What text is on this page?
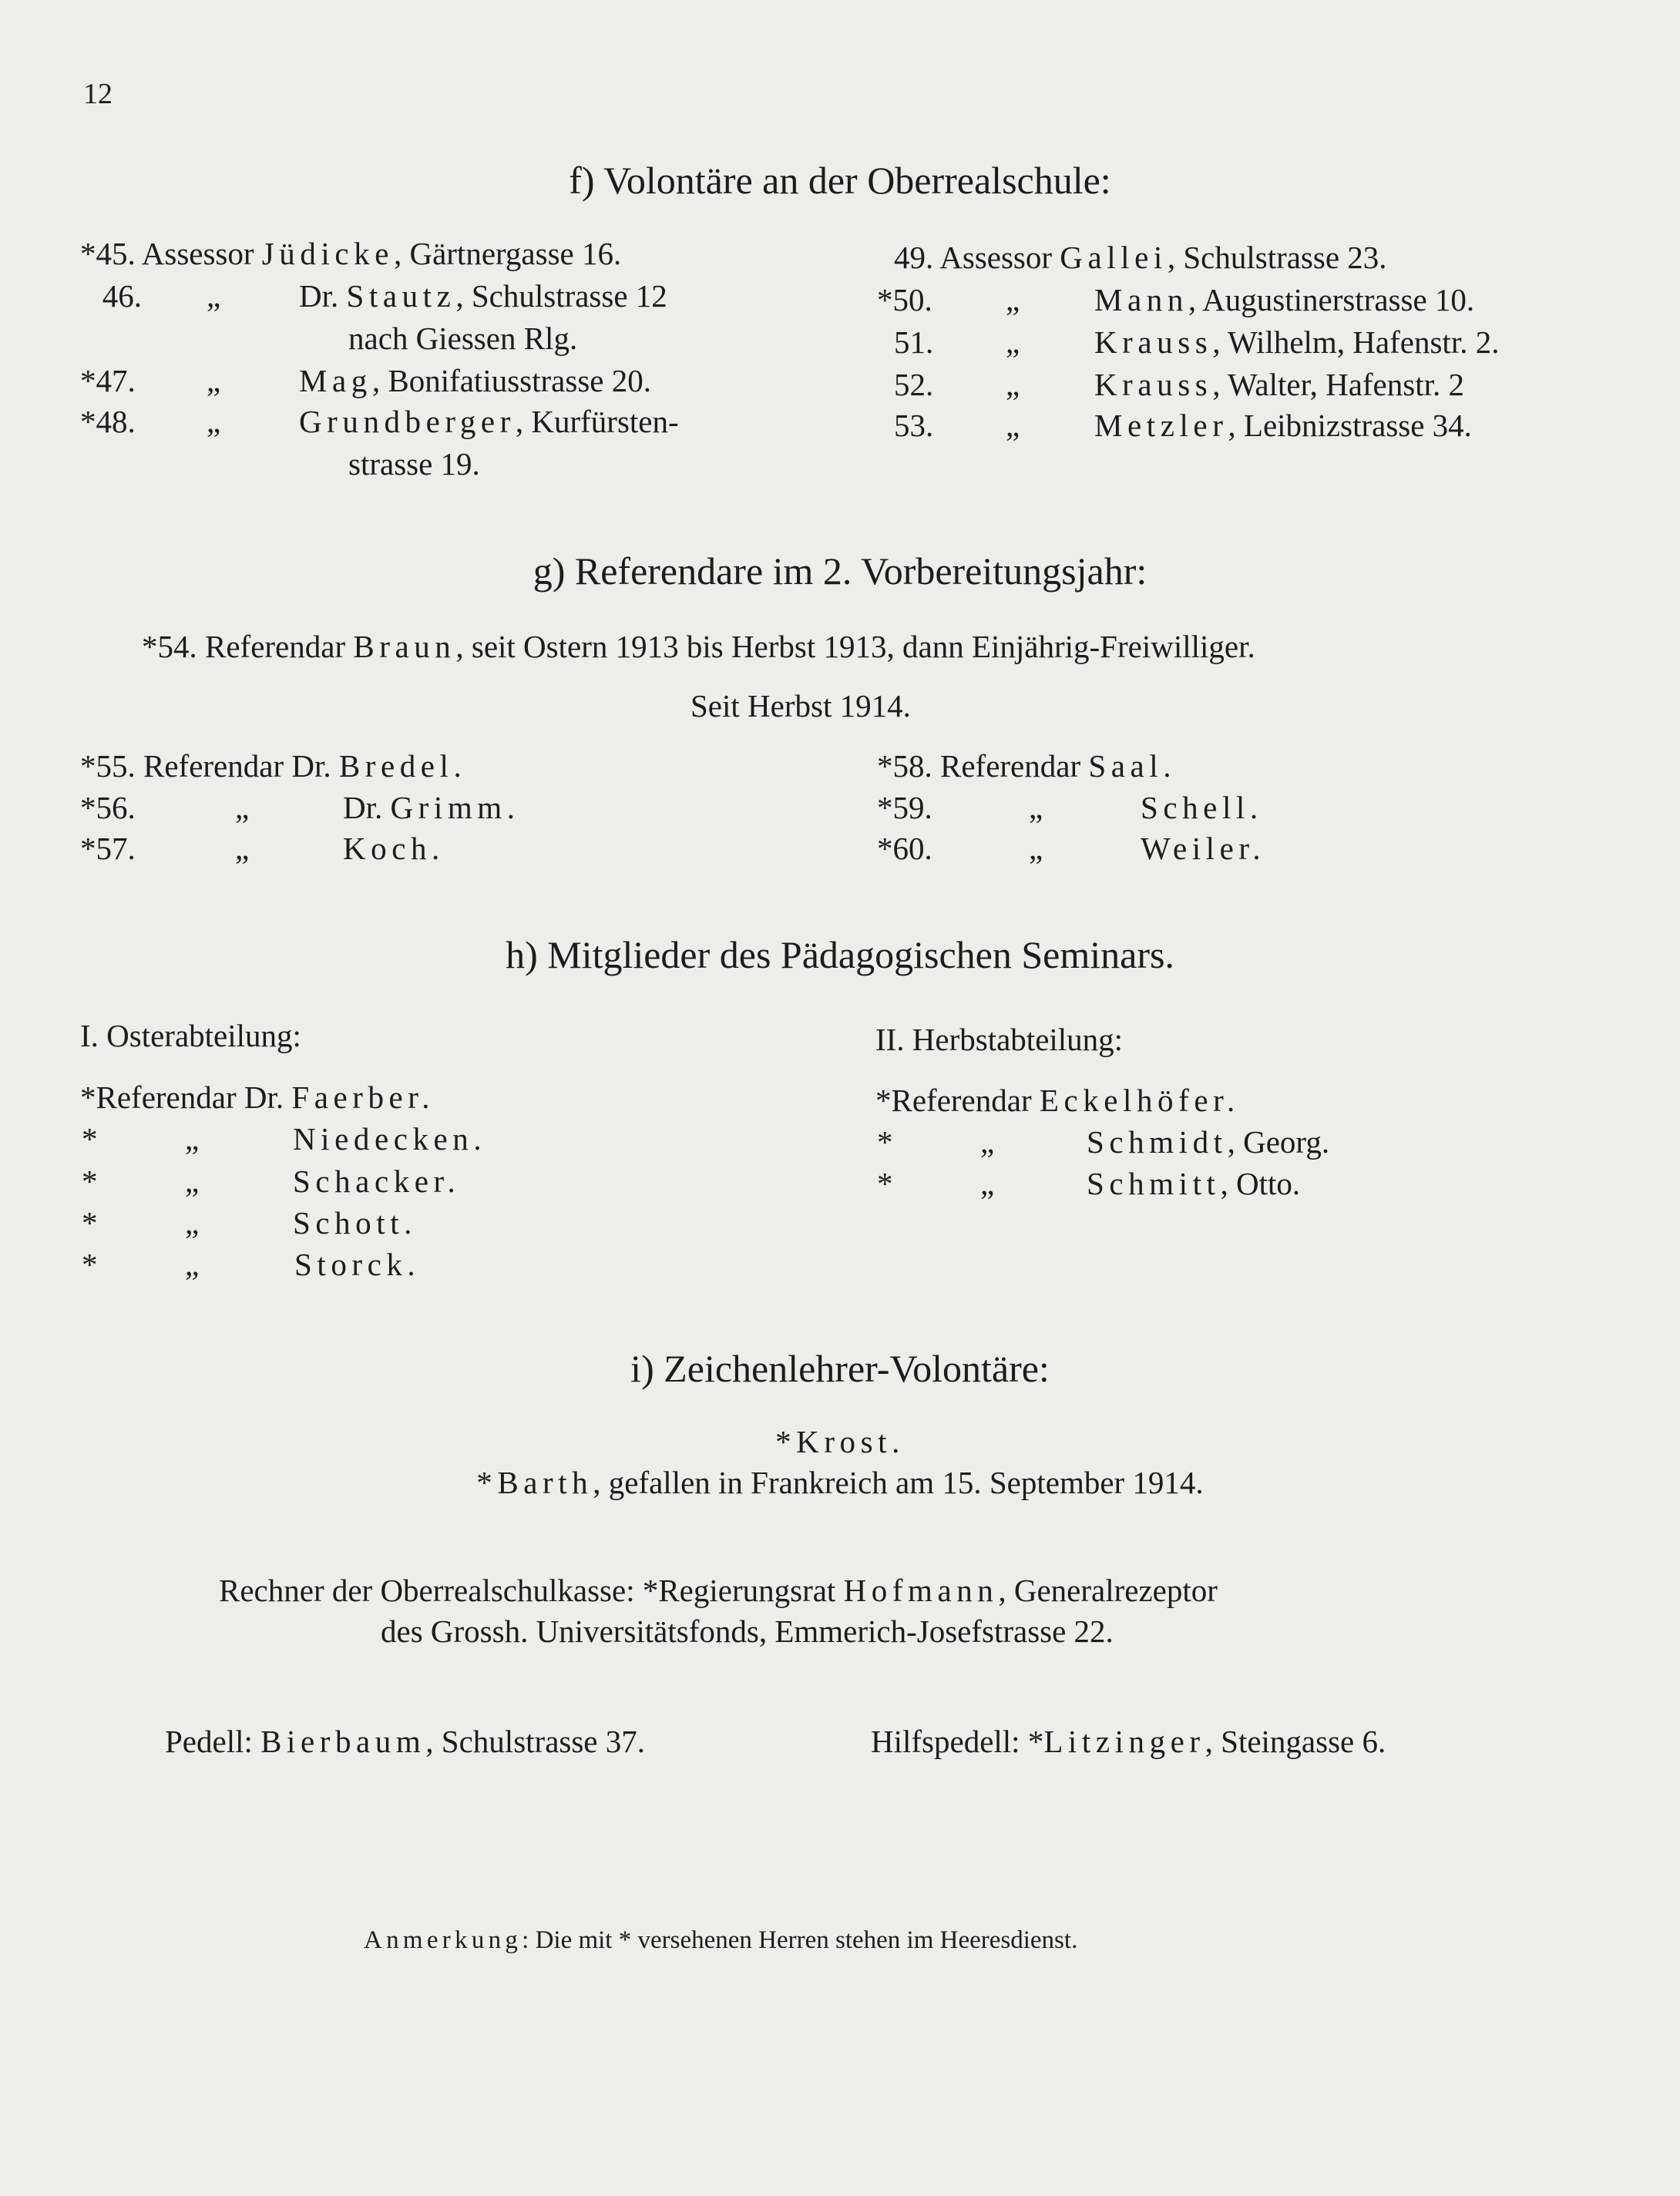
12
f) Volontäre an der Oberrealschule:
*45. Assessor Jüdicke, Gärtnergasse 16.
46. „ Dr. Stautz, Schulstrasse 12
nach Giessen Rlg.
*47. „ Mag, Bonifatiusstrasse 20.
*48. „ Grundberger, Kurfürsten-
strasse 19.
49. Assessor Gallei, Schulstrasse 23.
*50. „ Mann, Augustinerstrasse 10.
51. „ Krauss, Wilhelm, Hafenstr. 2.
52. „ Krauss, Walter, Hafenstr. 2
53. „ Metzler, Leibnizstrasse 34.
g) Referendare im 2. Vorbereitungsjahr:
*54. Referendar Braun, seit Ostern 1913 bis Herbst 1913, dann Einjährig-Freiwilliger.
Seit Herbst 1914.
*55. Referendar Dr. Bredel.
*56.	„	Dr. Grimm.
*57.	„	Koch.
*58. Referendar Saal.
*59.	„	Schell.
*60.	„	Weiler.
h) Mitglieder des Pädagogischen Seminars.
I. Osterabteilung:	II. Herbstabteilung:
*Referendar Dr. Faerber.
*	„	Niedecken.
*	„	Schacker.
*	„	Schott.
*	„	Storck.
*Referendar Eckelhöfer.
*	„	Schmidt, Georg.
*	„	Schmitt, Otto.
i) Zeichenlehrer-Volontäre:
*Krost.
*Barth, gefallen in Frankreich am 15. September 1914.
Rechner der Oberrealschulkasse: *Regierungsrat Hofmann, Generalrezeptor
des Grossh. Universitätsfonds, Emmerich-Josefstrasse 22.
Pedell: Bierbaum, Schulstrasse 37.	Hilfspedell: *Litzinger, Steingasse 6.
Anmerkung: Die mit * versehenen Herren stehen im Heeresdienst.
